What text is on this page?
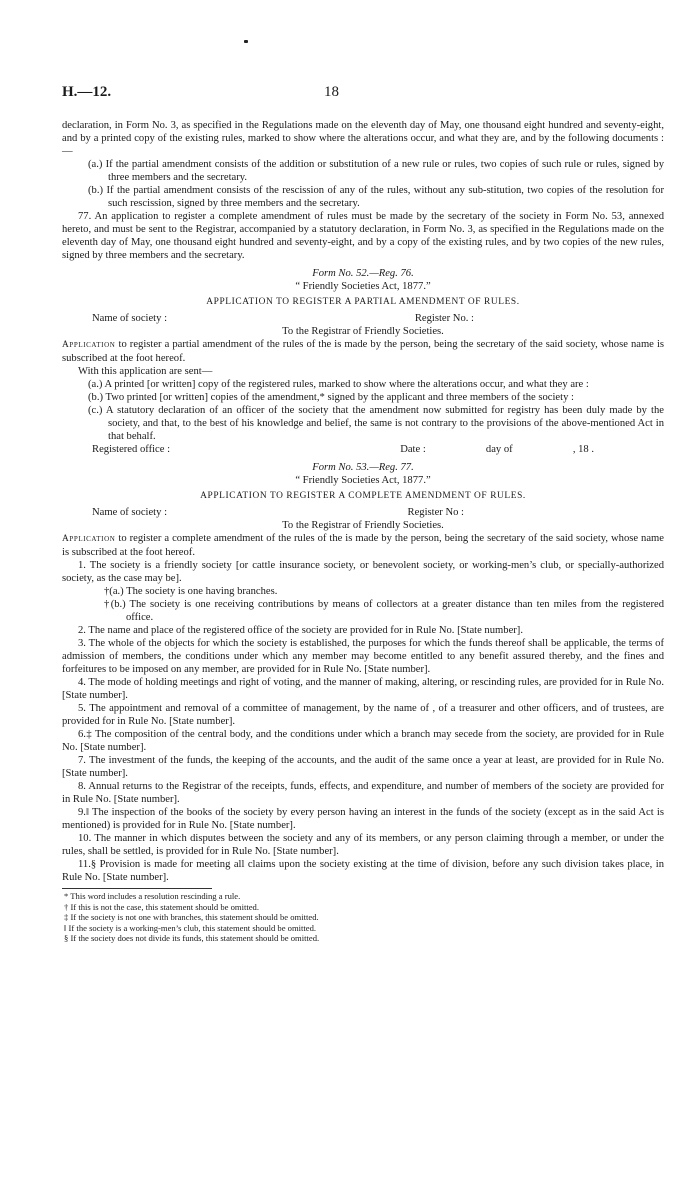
H.—12.	18

declaration, in Form No. 3, as specified in the Regulations made on the eleventh day of May, one thousand eight hundred and seventy-eight, and by a printed copy of the existing rules, marked to show where the alterations occur, and what they are, and by the following documents :—

(a.) If the partial amendment consists of the addition or substitution of a new rule or rules, two copies of such rule or rules, signed by three members and the secretary.

(b.) If the partial amendment consists of the rescission of any of the rules, without any sub-stitution, two copies of the resolution for such rescission, signed by three members and the secretary.

77. An application to register a complete amendment of rules must be made by the secretary of the society in Form No. 53, annexed hereto, and must be sent to the Registrar, accompanied by a statutory declaration, in Form No. 3, as specified in the Regulations made on the eleventh day of May, one thousand eight hundred and seventy-eight, and by a copy of the existing rules, and by two copies of the new rules, signed by three members and the secretary.

Form No. 52.—Reg. 76.

“ Friendly Societies Act, 1877.”

APPLICATION TO REGISTER A PARTIAL AMENDMENT OF RULES.

Name of society :	Register No. :

To the Registrar of Friendly Societies.

Application to register a partial amendment of the rules of the is made by the person, being the secretary of the said society, whose name is subscribed at the foot hereof.

With this application are sent—

(a.) A printed [or written] copy of the registered rules, marked to show where the alterations occur, and what they are :

(b.) Two printed [or written] copies of the amendment,* signed by the applicant and three members of the society :

(c.) A statutory declaration of an officer of the society that the amendment now submitted for registry has been duly made by the society, and that, to the best of his knowledge and belief, the same is not contrary to the provisions of the above-mentioned Act in that behalf.

Registered office :	Date :	day of	, 18 .

Form No. 53.—Reg. 77.

“ Friendly Societies Act, 1877.”

APPLICATION TO REGISTER A COMPLETE AMENDMENT OF RULES.

Name of society :	Register No :

To the Registrar of Friendly Societies.

Application to register a complete amendment of the rules of the is made by the person, being the secretary of the said society, whose name is subscribed at the foot hereof.

1. The society is a friendly society [or cattle insurance society, or benevolent society, or working-men’s club, or specially-authorized society, as the case may be].

†(a.) The society is one having branches.

†(b.) The society is one receiving contributions by means of collectors at a greater distance than ten miles from the registered office.

2. The name and place of the registered office of the society are provided for in Rule No. [State number].

3. The whole of the objects for which the society is established, the purposes for which the funds thereof shall be applicable, the terms of admission of members, the conditions under which any member may become entitled to any benefit assured thereby, and the fines and forfeitures to be imposed on any member, are provided for in Rule No. [State number].

4. The mode of holding meetings and right of voting, and the manner of making, altering, or rescinding rules, are provided for in Rule No. [State number].

5. The appointment and removal of a committee of management, by the name of , of a treasurer and other officers, and of trustees, are provided for in Rule No. [State number].

6.‡ The composition of the central body, and the conditions under which a branch may secede from the society, are provided for in Rule No. [State number].

7. The investment of the funds, the keeping of the accounts, and the audit of the same once a year at least, are provided for in Rule No. [State number].

8. Annual returns to the Registrar of the receipts, funds, effects, and expenditure, and number of members of the society are provided for in Rule No. [State number].

9.‖ The inspection of the books of the society by every person having an interest in the funds of the society (except as in the said Act is mentioned) is provided for in Rule No. [State number].

10. The manner in which disputes between the society and any of its members, or any person claiming through a member, or under the rules, shall be settled, is provided for in Rule No. [State number].

11.§ Provision is made for meeting all claims upon the society existing at the time of division, before any such division takes place, in Rule No. [State number].

* This word includes a resolution rescinding a rule.

† If this is not the case, this statement should be omitted.

‡ If the society is not one with branches, this statement should be omitted.

‖ If the society is a working-men’s club, this statement should be omitted.

§ If the society does not divide its funds, this statement should be omitted.
